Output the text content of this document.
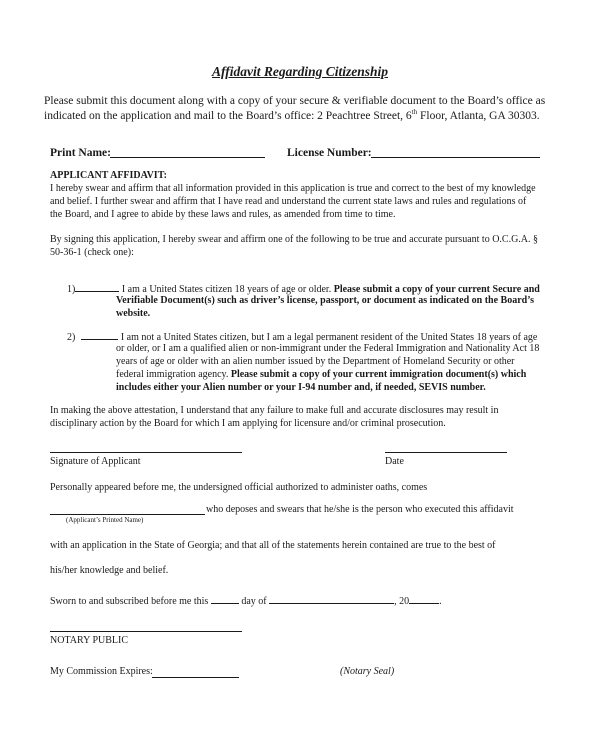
Affidavit Regarding Citizenship
Please submit this document along with a copy of your secure & verifiable document to the Board’s office as
indicated on the application and mail to the Board’s office: 2 Peachtree Street, 6th Floor, Atlanta, GA 30303.
Print Name:	License Number:
APPLICANT AFFIDAVIT:
I hereby swear and affirm that all information provided in this application is true and correct to the best of my knowledge
and belief. I further swear and affirm that I have read and understand the current state laws and rules and regulations of
the Board, and I agree to abide by these laws and rules, as amended from time to time.
By signing this application, I hereby swear and affirm one of the following to be true and accurate pursuant to O.C.G.A. §
50-36-1 (check one):
1)	I am a United States citizen 18 years of age or older. Please submit a copy of your current Secure and
Verifiable Document(s) such as driver’s license, passport, or document as indicated on the Board’s
website.
2)	I am not a United States citizen, but I am a legal permanent resident of the United States 18 years of age
or older, or I am a qualified alien or non-immigrant under the Federal Immigration and Nationality Act 18
years of age or older with an alien number issued by the Department of Homeland Security or other
federal immigration agency. Please submit a copy of your current immigration document(s) which
includes either your Alien number or your I-94 number and, if needed, SEVIS number.
In making the above attestation, I understand that any failure to make full and accurate disclosures may result in
disciplinary action by the Board for which I am applying for licensure and/or criminal prosecution.
Signature of Applicant	Date
Personally appeared before me, the undersigned official authorized to administer oaths, comes
who deposes and swears that he/she is the person who executed this affidavit
(Applicant’s Printed Name)
with an application in the State of Georgia; and that all of the statements herein contained are true to the best of
his/her knowledge and belief.
Sworn to and subscribed before me this	day of	, 20	.
NOTARY PUBLIC
My Commission Expires:	(Notary Seal)
